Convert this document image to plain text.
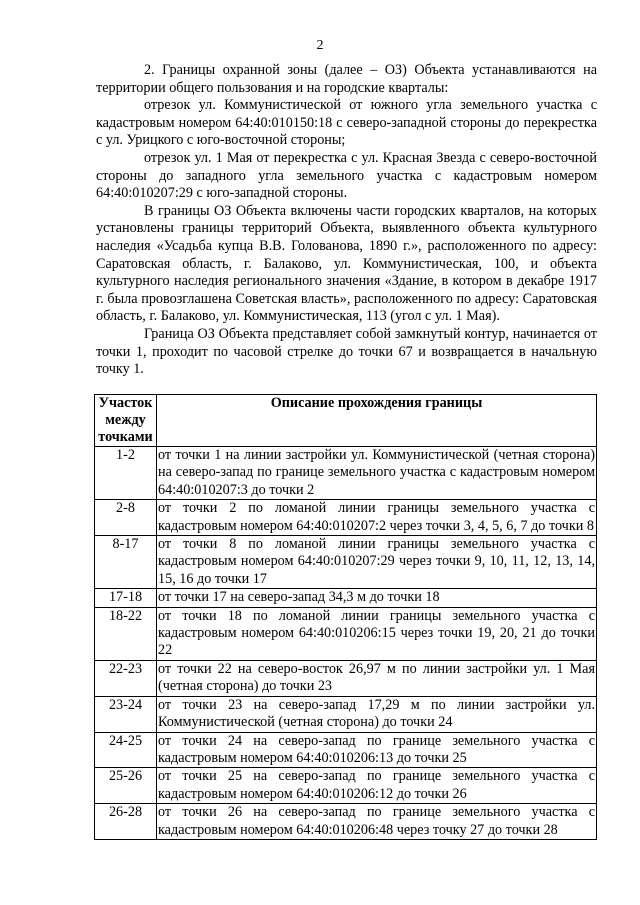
2

2. Границы охранной зоны (далее – ОЗ) Объекта устанавливаются на территории общего пользования и на городские кварталы:

отрезок ул. Коммунистической от южного угла земельного участка с кадастровым номером 64:40:010150:18 с северо-западной стороны до перекрестка с ул. Урицкого с юго-восточной стороны;

отрезок ул. 1 Мая от перекрестка с ул. Красная Звезда с северо-восточной стороны до западного угла земельного участка с кадастровым номером 64:40:010207:29 с юго-западной стороны.

В границы ОЗ Объекта включены части городских кварталов, на которых установлены границы территорий Объекта, выявленного объекта культурного наследия «Усадьба купца В.В. Голованова, 1890 г.», расположенного по адресу: Саратовская область, г. Балаково, ул. Коммунистическая, 100, и объекта культурного наследия регионального значения «Здание, в котором в декабре 1917 г. была провозглашена Советская власть», расположенного по адресу: Саратовская область, г. Балаково, ул. Коммунистическая, 113 (угол с ул. 1 Мая).

Граница ОЗ Объекта представляет собой замкнутый контур, начинается от точки 1, проходит по часовой стрелке до точки 67 и возвращается в начальную точку 1.

Участок между точками	Описание прохождения границы
1-2	от точки 1 на линии застройки ул. Коммунистической (четная сторона) на северо-запад по границе земельного участка с кадастровым номером 64:40:010207:3 до точки 2
2-8	от точки 2 по ломаной линии границы земельного участка с кадастровым номером 64:40:010207:2 через точки 3, 4, 5, 6, 7 до точки 8
8-17	от точки 8 по ломаной линии границы земельного участка с кадастровым номером 64:40:010207:29 через точки 9, 10, 11, 12, 13, 14, 15, 16 до точки 17
17-18	от точки 17 на северо-запад 34,3 м до точки 18
18-22	от точки 18 по ломаной линии границы земельного участка с кадастровым номером 64:40:010206:15 через точки 19, 20, 21 до точки 22
22-23	от точки 22 на северо-восток 26,97 м по линии застройки ул. 1 Мая (четная сторона) до точки 23
23-24	от точки 23 на северо-запад 17,29 м по линии застройки ул. Коммунистической (четная сторона) до точки 24
24-25	от точки 24 на северо-запад по границе земельного участка с кадастровым номером 64:40:010206:13 до точки 25
25-26	от точки 25 на северо-запад по границе земельного участка с кадастровым номером 64:40:010206:12 до точки 26
26-28	от точки 26 на северо-запад по границе земельного участка с кадастровым номером 64:40:010206:48 через точку 27 до точки 28
